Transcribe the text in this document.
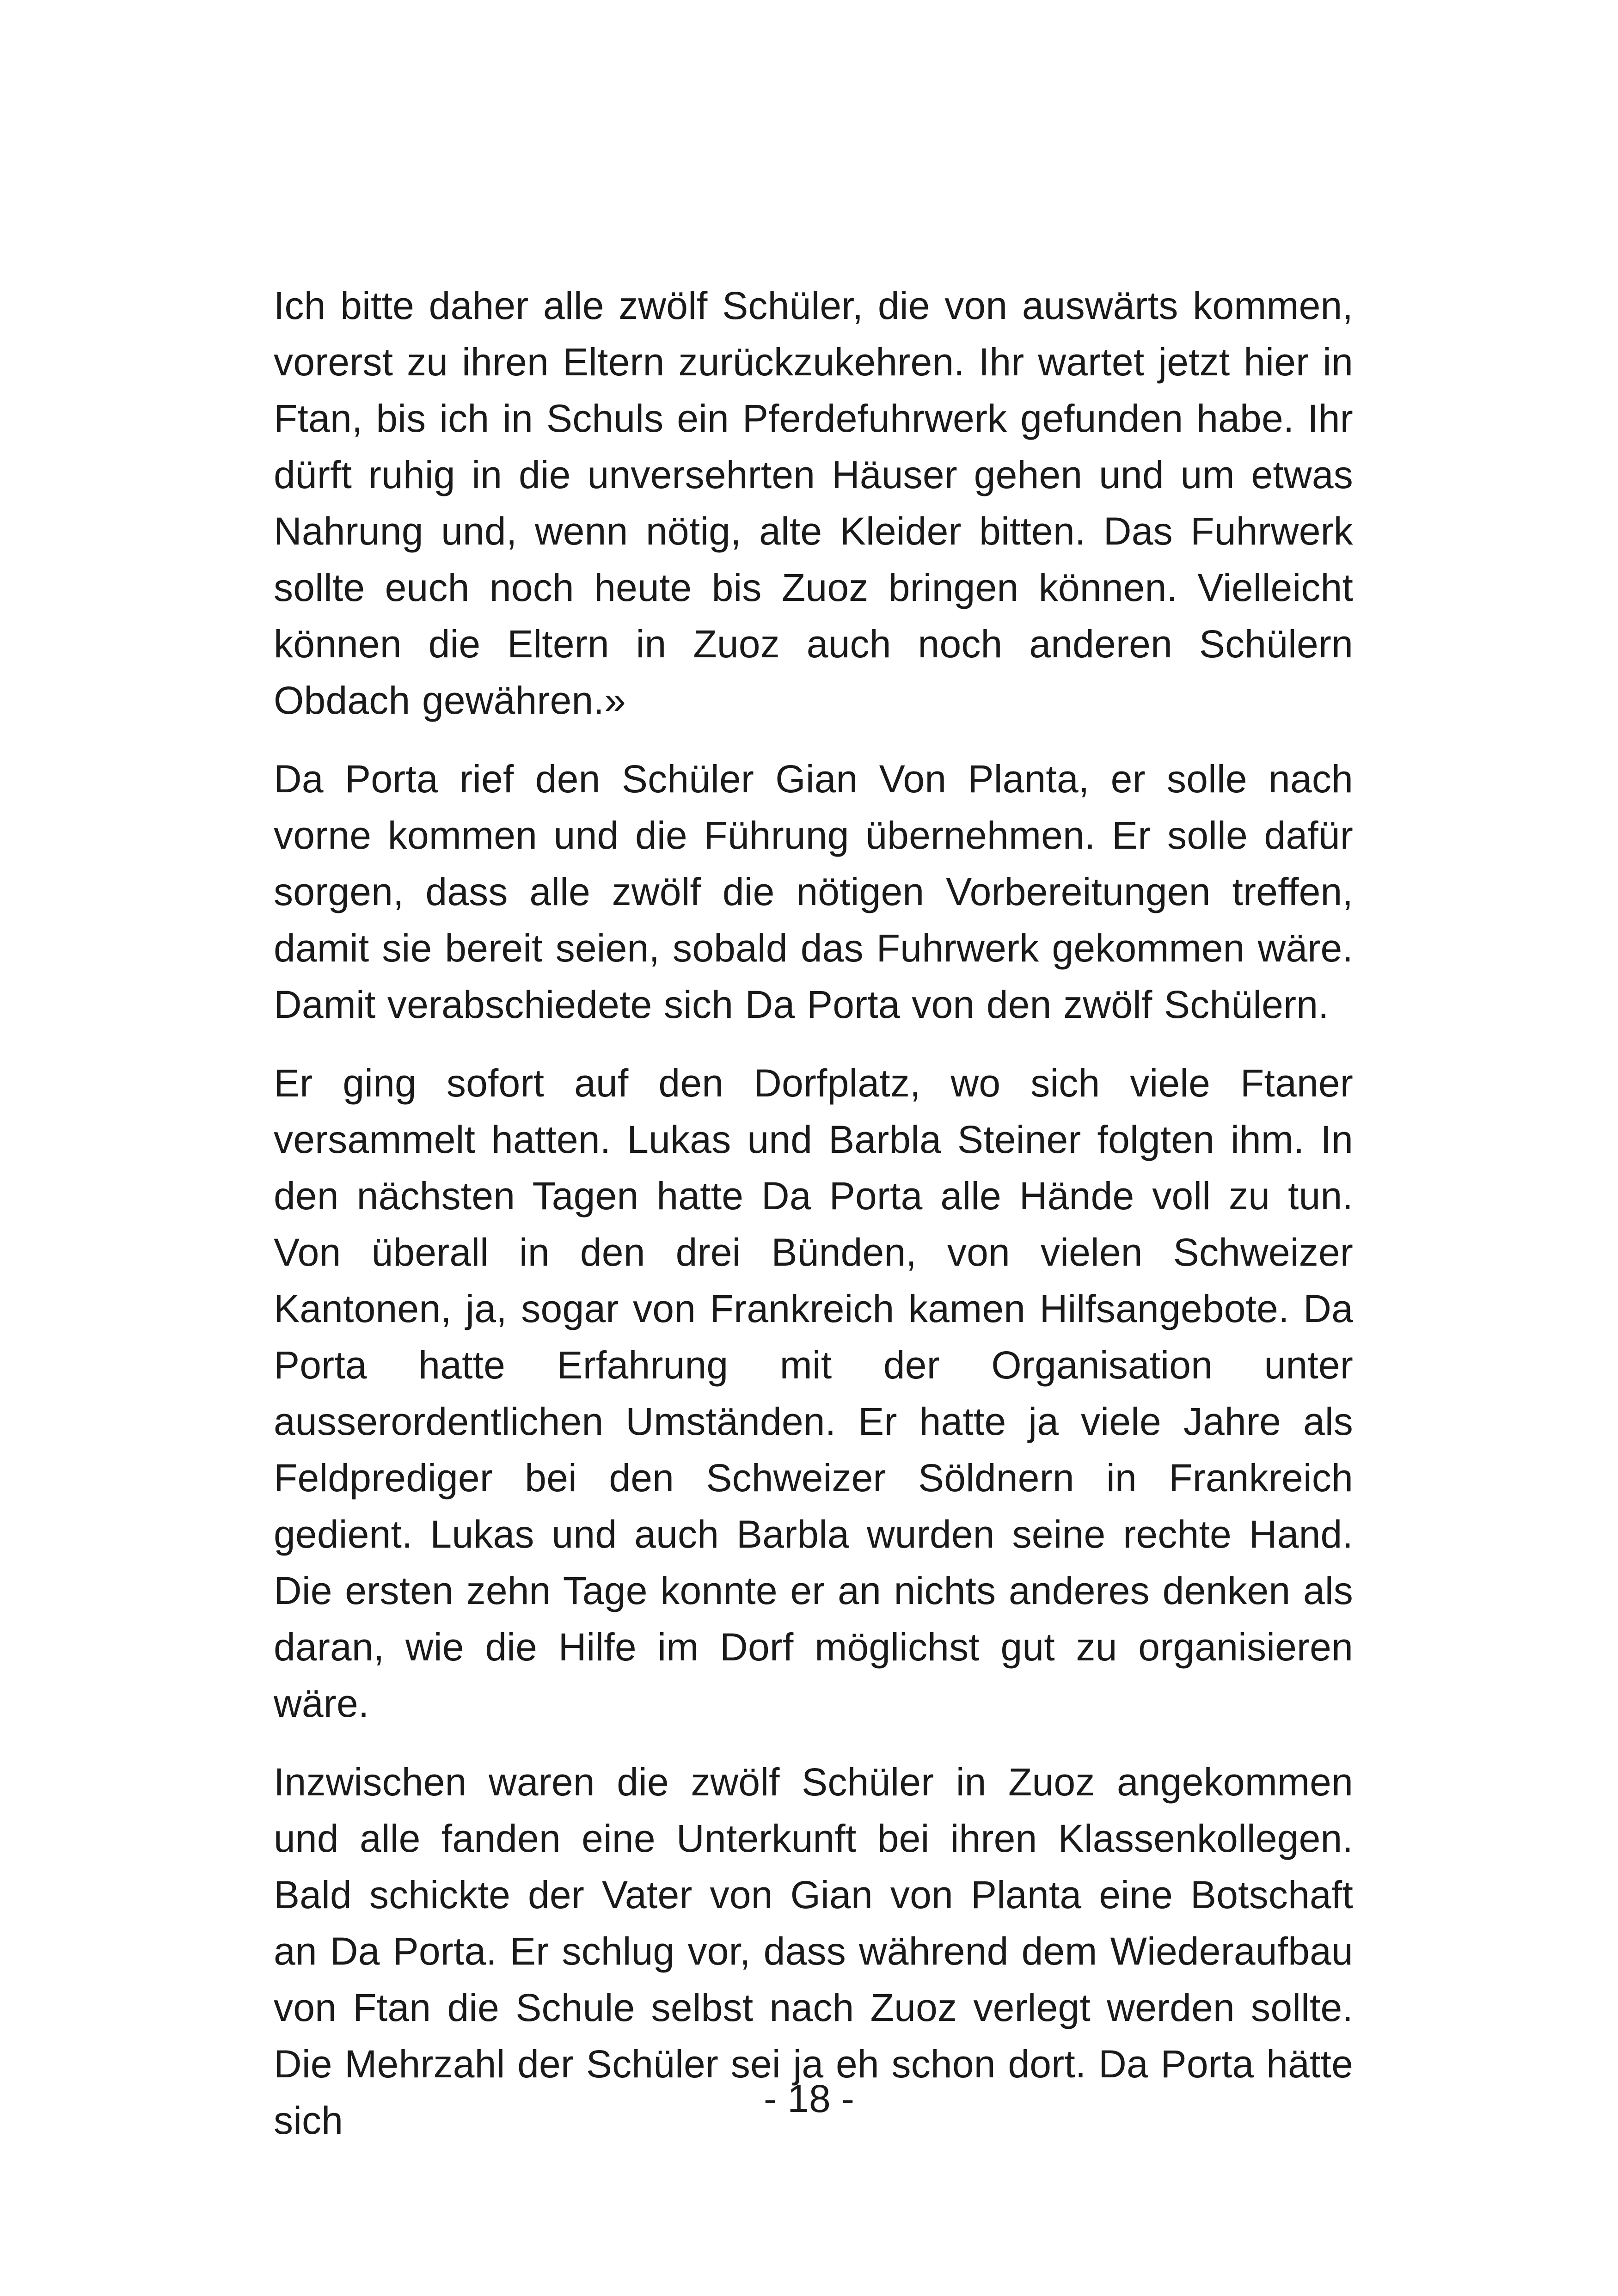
Ich bitte daher alle zwölf Schüler, die von auswärts kommen, vorerst zu ihren Eltern zurückzukehren. Ihr wartet jetzt hier in Ftan, bis ich in Schuls ein Pferdefuhrwerk gefunden habe. Ihr dürft ruhig in die unversehrten Häuser gehen und um etwas Nahrung und, wenn nötig, alte Kleider bitten. Das Fuhrwerk sollte euch noch heute bis Zuoz bringen können. Vielleicht können die Eltern in Zuoz auch noch anderen Schülern Obdach gewähren.»

Da Porta rief den Schüler Gian Von Planta, er solle nach vorne kommen und die Führung übernehmen. Er solle dafür sorgen, dass alle zwölf die nötigen Vorbereitungen treffen, damit sie bereit seien, sobald das Fuhrwerk gekommen wäre. Damit verabschiedete sich Da Porta von den zwölf Schülern.

Er ging sofort auf den Dorfplatz, wo sich viele Ftaner versammelt hatten. Lukas und Barbla Steiner folgten ihm. In den nächsten Tagen hatte Da Porta alle Hände voll zu tun. Von überall in den drei Bünden, von vielen Schweizer Kantonen, ja, sogar von Frankreich kamen Hilfsangebote. Da Porta hatte Erfahrung mit der Organisation unter ausserordentlichen Umständen. Er hatte ja viele Jahre als Feldprediger bei den Schweizer Söldnern in Frankreich gedient. Lukas und auch Barbla wurden seine rechte Hand. Die ersten zehn Tage konnte er an nichts anderes denken als daran, wie die Hilfe im Dorf möglichst gut zu organisieren wäre.

Inzwischen waren die zwölf Schüler in Zuoz angekommen und alle fanden eine Unterkunft bei ihren Klassenkollegen. Bald schickte der Vater von Gian von Planta eine Botschaft an Da Porta. Er schlug vor, dass während dem Wiederaufbau von Ftan die Schule selbst nach Zuoz verlegt werden sollte. Die Mehrzahl der Schüler sei ja eh schon dort. Da Porta hätte sich	- 18 -
